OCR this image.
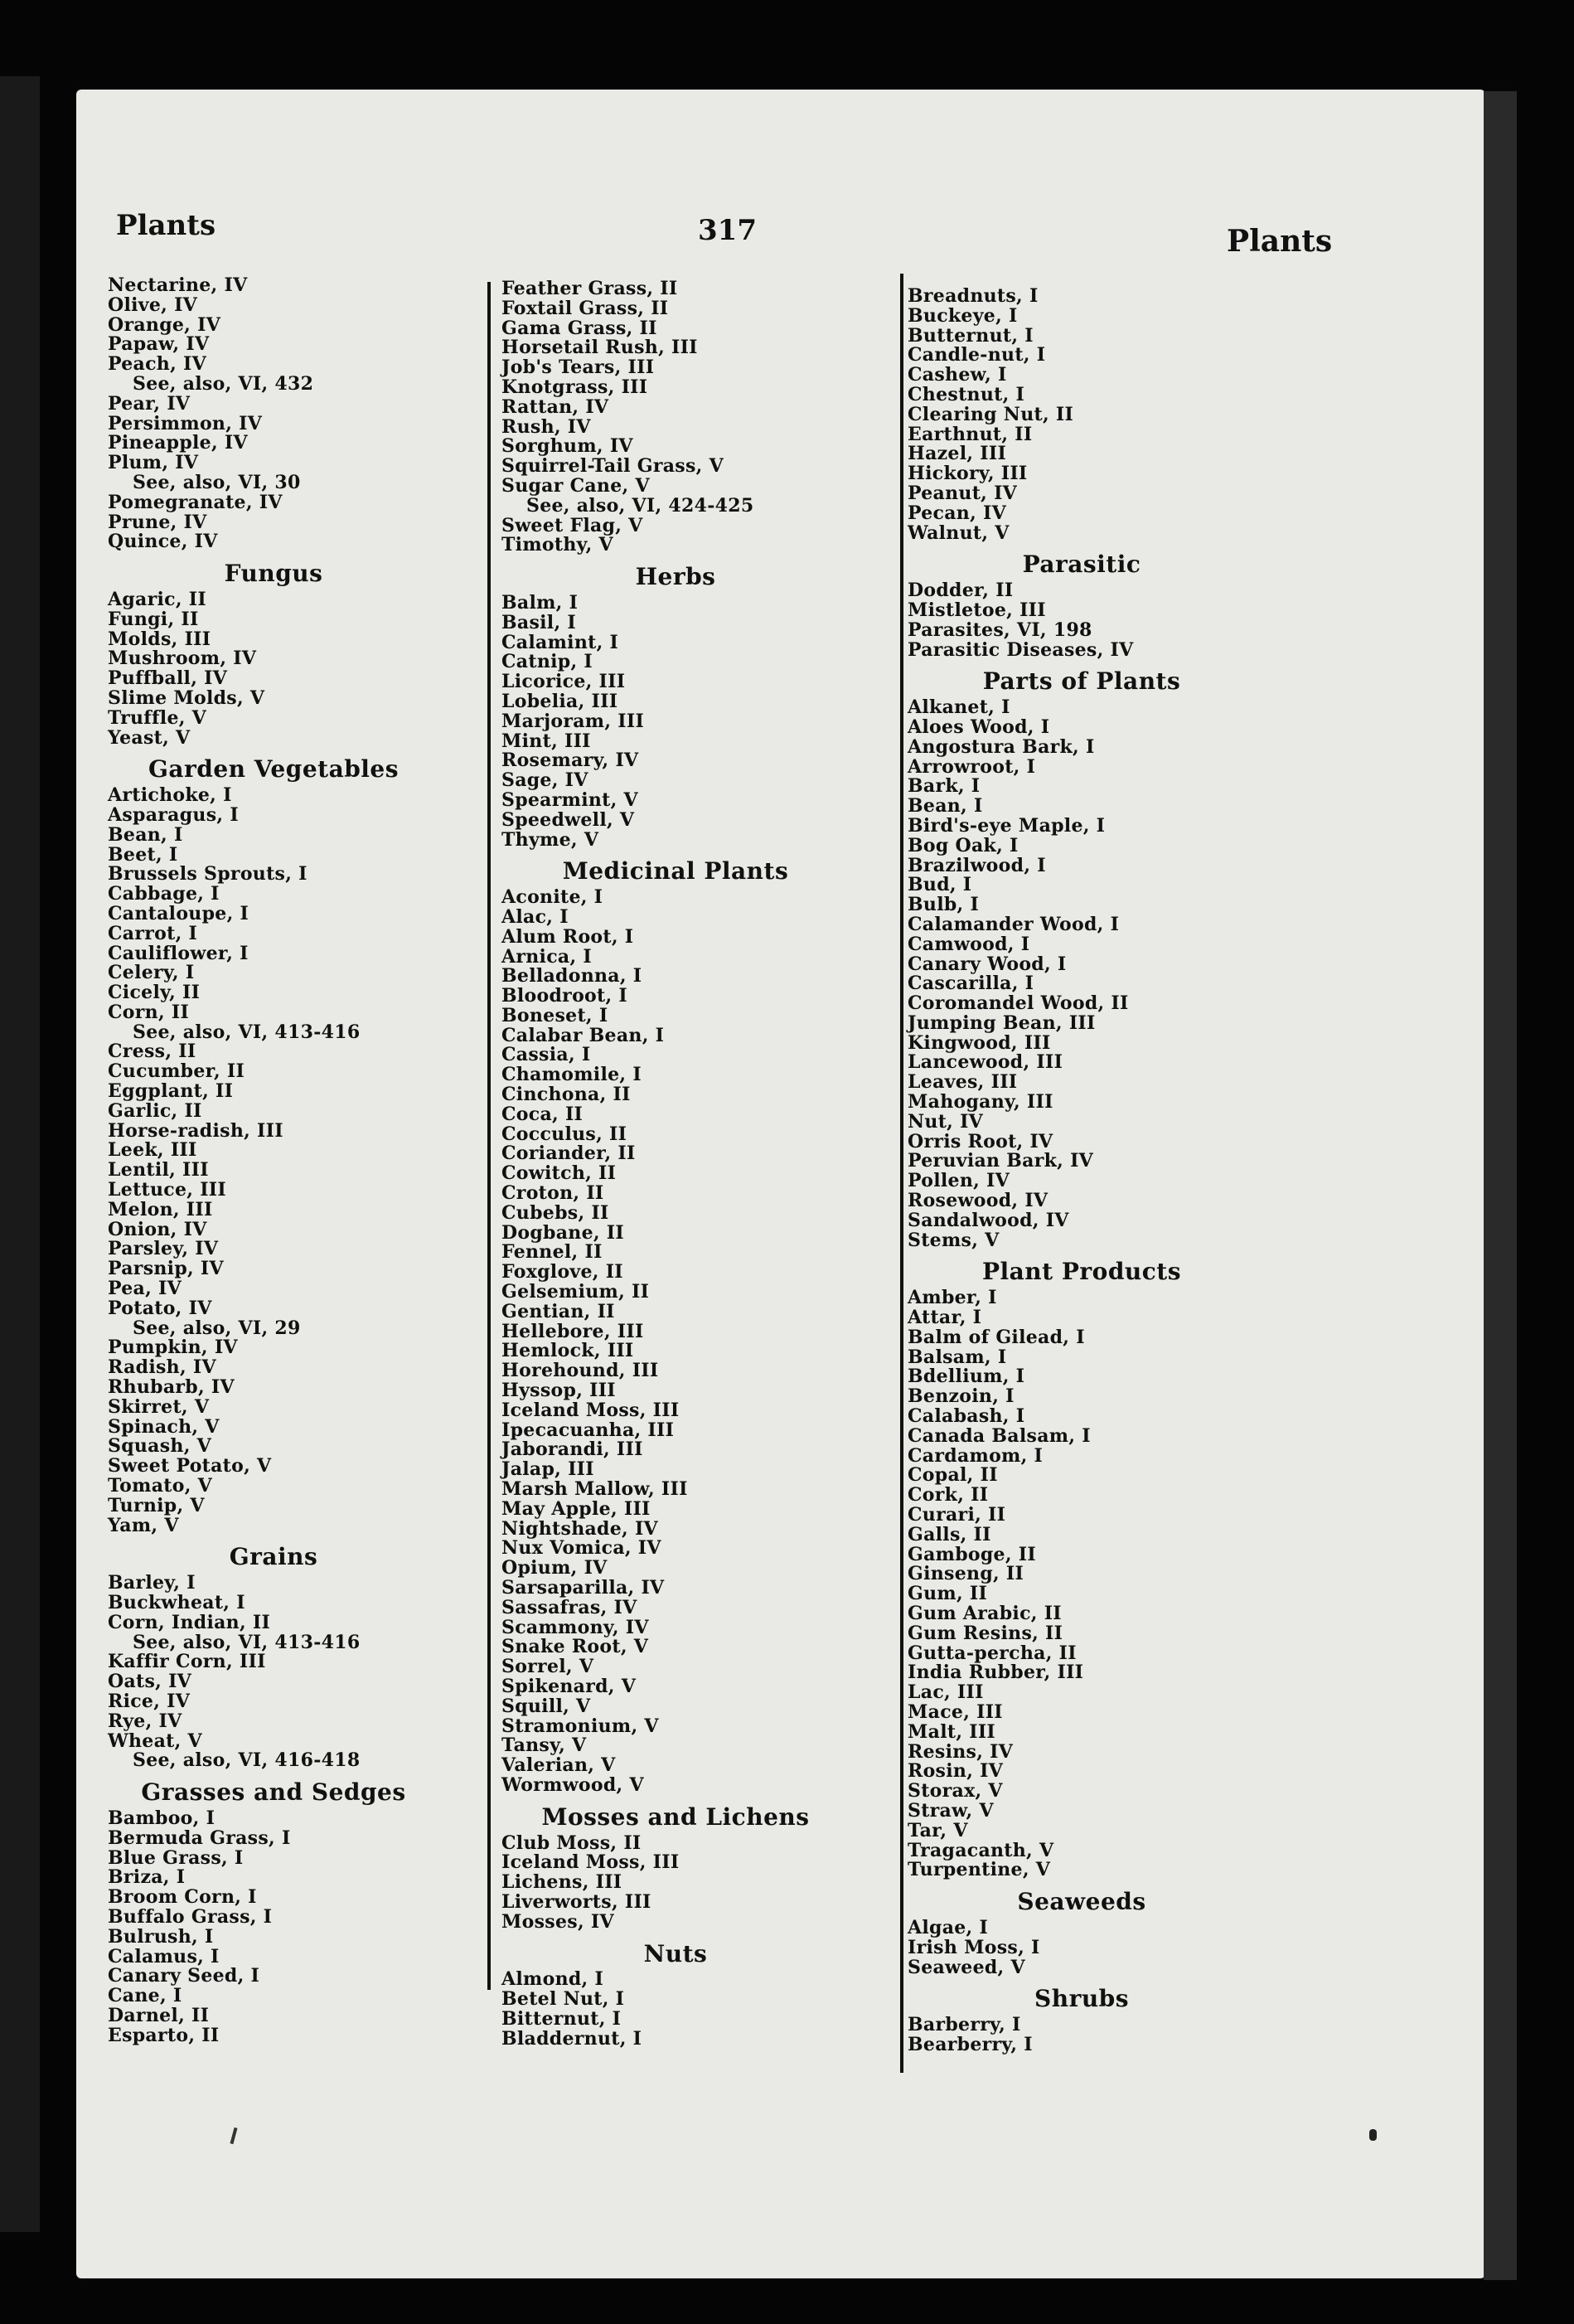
Plants	317	Plants
Nectarine, IV
Olive, IV
Orange, IV
Papaw, IV
Peach, IV
See, also, VI, 432
Pear, IV
Persimmon, IV
Pineapple, IV
Plum, IV
See, also, VI, 30
Pomegranate, IV
Prune, IV
Quince, IV
Fungus
Agaric, II
Fungi, II
Molds, III
Mushroom, IV
Puffball, IV
Slime Molds, V
Truffle, V
Yeast, V
Garden Vegetables
Artichoke, I
Asparagus, I
Bean, I
Beet, I
Brussels Sprouts, I
Cabbage, I
Cantaloupe, I
Carrot, I
Cauliflower, I
Celery, I
Cicely, II
Corn, II
See, also, VI, 413-416
Cress, II
Cucumber, II
Eggplant, II
Garlic, II
Horse-radish, III
Leek, III
Lentil, III
Lettuce, III
Melon, III
Onion, IV
Parsley, IV
Parsnip, IV
Pea, IV
Potato, IV
See, also, VI, 29
Pumpkin, IV
Radish, IV
Rhubarb, IV
Skirret, V
Spinach, V
Squash, V
Sweet Potato, V
Tomato, V
Turnip, V
Yam, V
Grains
Barley, I
Buckwheat, I
Corn, Indian, II
See, also, VI, 413-416
Kaffir Corn, III
Oats, IV
Rice, IV
Rye, IV
Wheat, V
See, also, VI, 416-418
Grasses and Sedges
Bamboo, I
Bermuda Grass, I
Blue Grass, I
Briza, I
Broom Corn, I
Buffalo Grass, I
Bulrush, I
Calamus, I
Canary Seed, I
Cane, I
Darnel, II
Esparto, II
Feather Grass, II
Foxtail Grass, II
Gama Grass, II
Horsetail Rush, III
Job's Tears, III
Knotgrass, III
Rattan, IV
Rush, IV
Sorghum, IV
Squirrel-Tail Grass, V
Sugar Cane, V
See, also, VI, 424-425
Sweet Flag, V
Timothy, V
Herbs
Balm, I
Basil, I
Calamint, I
Catnip, I
Licorice, III
Lobelia, III
Marjoram, III
Mint, III
Rosemary, IV
Sage, IV
Spearmint, V
Speedwell, V
Thyme, V
Medicinal Plants
Aconite, I
Alac, I
Alum Root, I
Arnica, I
Belladonna, I
Bloodroot, I
Boneset, I
Calabar Bean, I
Cassia, I
Chamomile, I
Cinchona, II
Coca, II
Cocculus, II
Coriander, II
Cowitch, II
Croton, II
Cubebs, II
Dogbane, II
Fennel, II
Foxglove, II
Gelsemium, II
Gentian, II
Hellebore, III
Hemlock, III
Horehound, III
Hyssop, III
Iceland Moss, III
Ipecacuanha, III
Jaborandi, III
Jalap, III
Marsh Mallow, III
May Apple, III
Nightshade, IV
Nux Vomica, IV
Opium, IV
Sarsaparilla, IV
Sassafras, IV
Scammony, IV
Snake Root, V
Sorrel, V
Spikenard, V
Squill, V
Stramonium, V
Tansy, V
Valerian, V
Wormwood, V
Mosses and Lichens
Club Moss, II
Iceland Moss, III
Lichens, III
Liverworts, III
Mosses, IV
Nuts
Almond, I
Betel Nut, I
Bitternut, I
Bladdernut, I
Breadnuts, I
Buckeye, I
Butternut, I
Candle-nut, I
Cashew, I
Chestnut, I
Clearing Nut, II
Earthnut, II
Hazel, III
Hickory, III
Peanut, IV
Pecan, IV
Walnut, V
Parasitic
Dodder, II
Mistletoe, III
Parasites, VI, 198
Parasitic Diseases, IV
Parts of Plants
Alkanet, I
Aloes Wood, I
Angostura Bark, I
Arrowroot, I
Bark, I
Bean, I
Bird's-eye Maple, I
Bog Oak, I
Brazilwood, I
Bud, I
Bulb, I
Calamander Wood, I
Camwood, I
Canary Wood, I
Cascarilla, I
Coromandel Wood, II
Jumping Bean, III
Kingwood, III
Lancewood, III
Leaves, III
Mahogany, III
Nut, IV
Orris Root, IV
Peruvian Bark, IV
Pollen, IV
Rosewood, IV
Sandalwood, IV
Stems, V
Plant Products
Amber, I
Attar, I
Balm of Gilead, I
Balsam, I
Bdellium, I
Benzoin, I
Calabash, I
Canada Balsam, I
Cardamom, I
Copal, II
Cork, II
Curari, II
Galls, II
Gamboge, II
Ginseng, II
Gum, II
Gum Arabic, II
Gum Resins, II
Gutta-percha, II
India Rubber, III
Lac, III
Mace, III
Malt, III
Resins, IV
Rosin, IV
Storax, V
Straw, V
Tar, V
Tragacanth, V
Turpentine, V
Seaweeds
Algae, I
Irish Moss, I
Seaweed, V
Shrubs
Barberry, I
Bearberry, I
